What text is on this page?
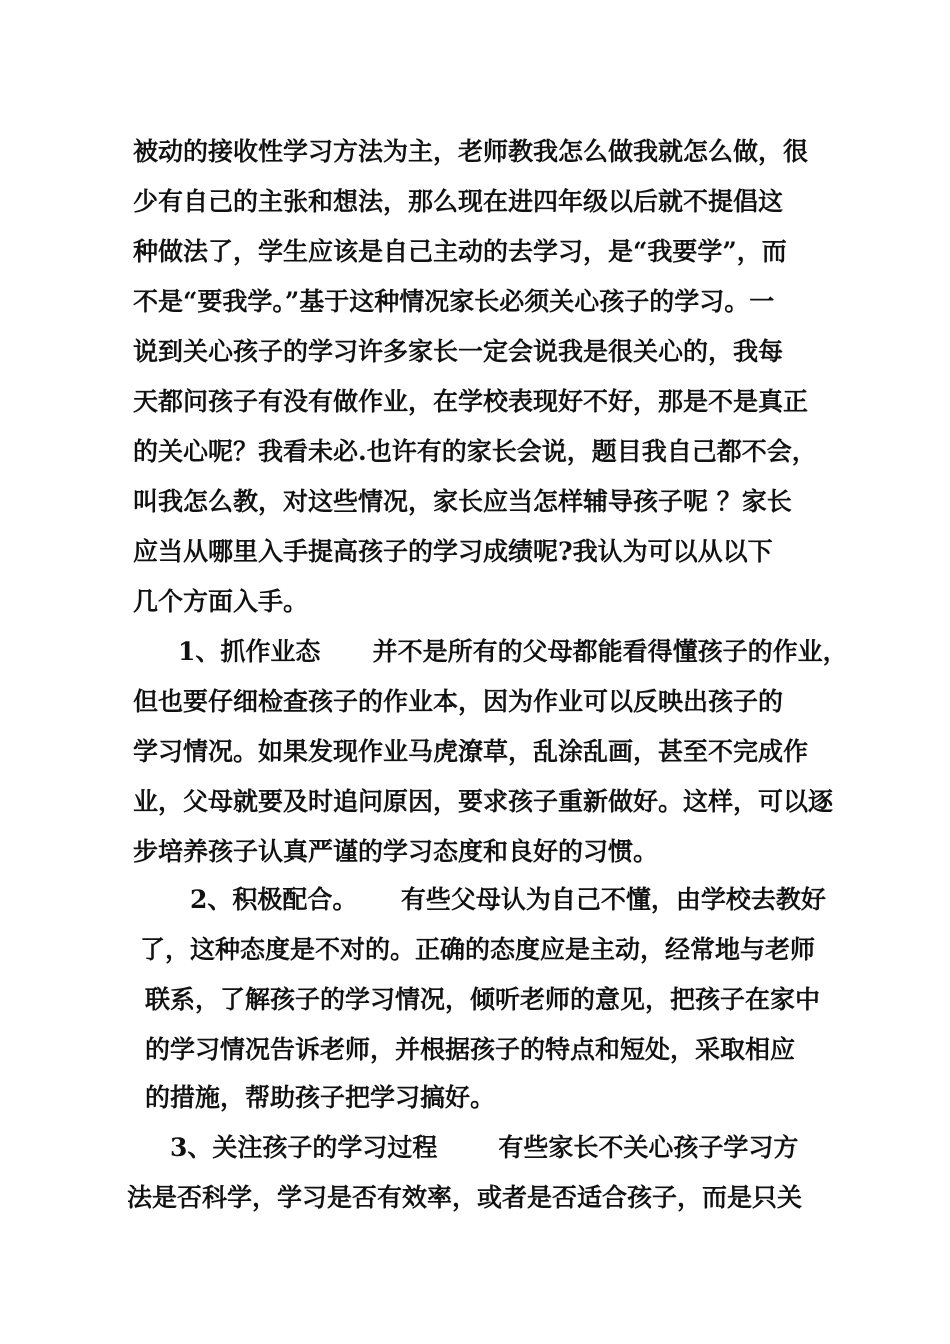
被动的接收性学习方法为主，老师教我怎么做我就怎么做，很
少有自己的主张和想法，那么现在进四年级以后就不提倡这
种做法了，学生应该是自己主动的去学习，是“我要学”，而
不是“要我学。”基于这种情况家长必须关心孩子的学习。一
说到关心孩子的学习许多家长一定会说我是很关心的，我每
天都问孩子有没有做作业，在学校表现好不好，那是不是真正
的关心呢？我看未必.也许有的家长会说，题目我自己都不会，
叫我怎么教，对这些情况，家长应当怎样辅导孩子呢 ？家长
应当从哪里入手提高孩子的学习成绩呢?我认为可以从以下
几个方面入手。
1、抓作业态      并不是所有的父母都能看得懂孩子的作业，
但也要仔细检查孩子的作业本，因为作业可以反映出孩子的
学习情况。如果发现作业马虎潦草，乱涂乱画，甚至不完成作
业，父母就要及时追问原因，要求孩子重新做好。这样，可以逐
步培养孩子认真严谨的学习态度和良好的习惯。
2、积极配合。     有些父母认为自己不懂，由学校去教好
了，这种态度是不对的。正确的态度应是主动，经常地与老师
联系，了解孩子的学习情况，倾听老师的意见，把孩子在家中
的学习情况告诉老师，并根据孩子的特点和短处，采取相应
的措施，帮助孩子把学习搞好。
3、关注孩子的学习过程       有些家长不关心孩子学习方
法是否科学，学习是否有效率，或者是否适合孩子，而是只关
